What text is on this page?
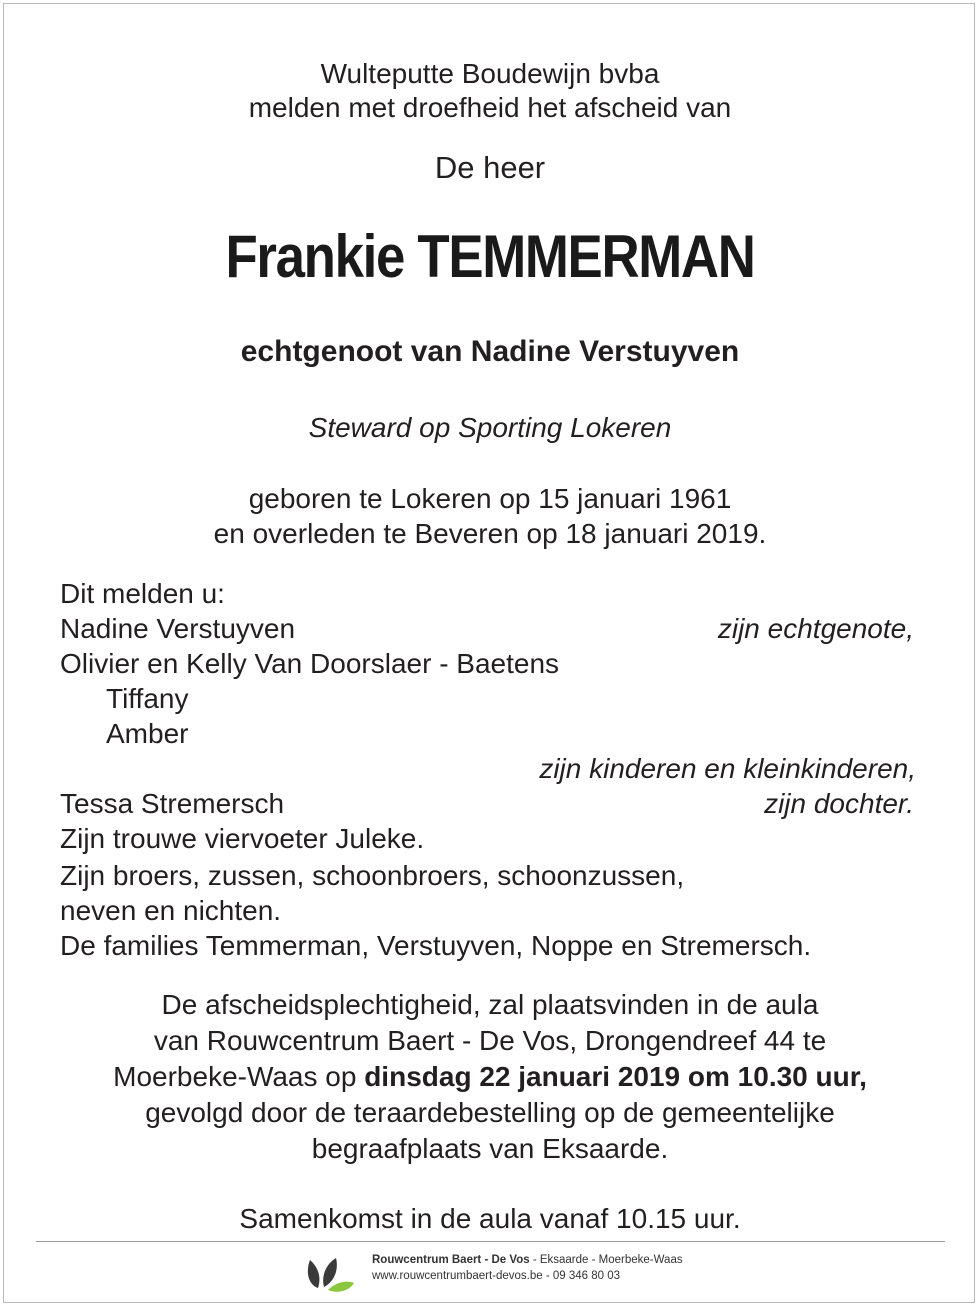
Wulteputte Boudewijn bvba
melden met droefheid het afscheid van
De heer
Frankie TEMMERMAN
echtgenoot van Nadine Verstuyven
Steward op Sporting Lokeren
geboren te Lokeren op 15 januari 1961
en overleden te Beveren op 18 januari 2019.
Dit melden u:
Nadine Verstuyven	zijn echtgenote,
Olivier en Kelly Van Doorslaer - Baetens
Tiffany
Amber
zijn kinderen en kleinkinderen,
Tessa Stremersch	zijn dochter.
Zijn trouwe viervoeter Juleke.
Zijn broers, zussen, schoonbroers, schoonzussen,
neven en nichten.
De families Temmerman, Verstuyven, Noppe en Stremersch.
De afscheidsplechtigheid, zal plaatsvinden in de aula
van Rouwcentrum Baert - De Vos, Drongendreef 44 te
Moerbeke-Waas op dinsdag 22 januari 2019 om 10.30 uur,
gevolgd door de teraardebestelling op de gemeentelijke
begraafplaats van Eksaarde.
Samenkomst in de aula vanaf 10.15 uur.
Rouwcentrum Baert - De Vos - Eksaarde - Moerbeke-Waas
www.rouwcentrumbaert-devos.be - 09 346 80 03
